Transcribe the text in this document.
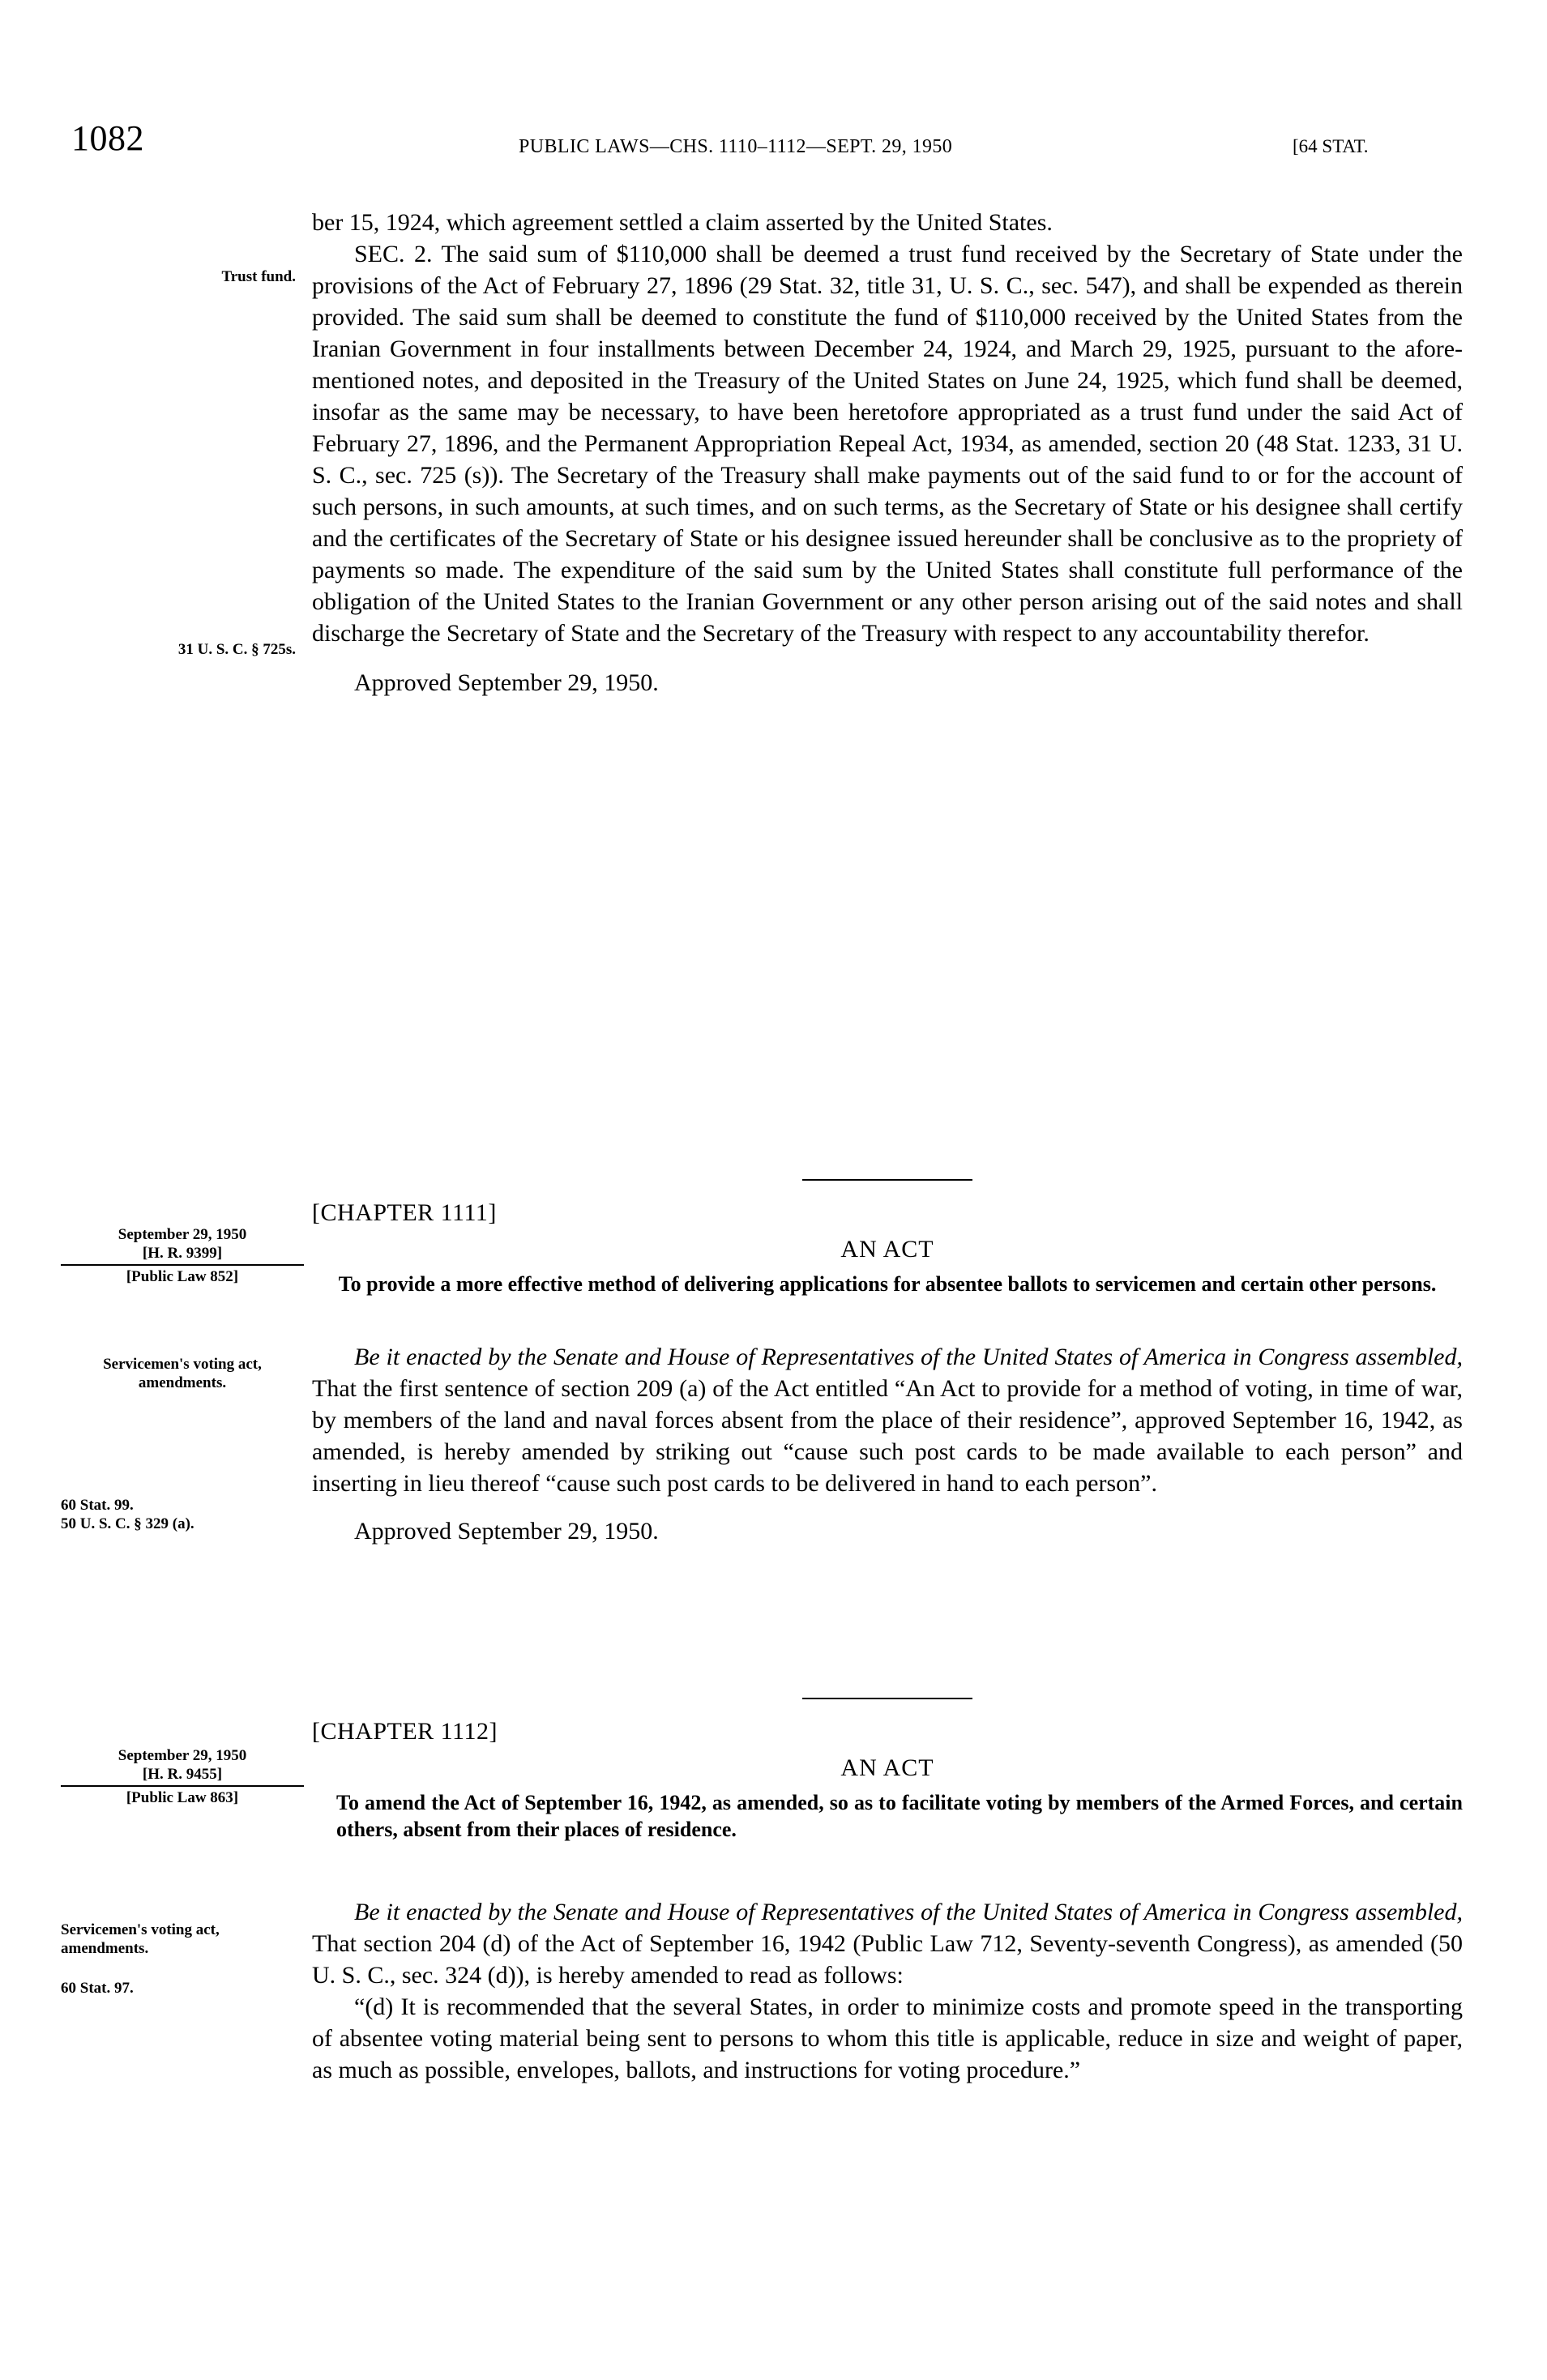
1082	PUBLIC LAWS—CHS. 1110–1112—SEPT. 29, 1950	[64 STAT.
Trust fund.
31 U. S. C. § 725s.

ber 15, 1924, which agreement settled a claim asserted by the United States.

SEC. 2. The said sum of $110,000 shall be deemed a trust fund received by the Secretary of State under the provisions of the Act of February 27, 1896 (29 Stat. 32, title 31, U. S. C., sec. 547), and shall be expended as therein provided. The said sum shall be deemed to constitute the fund of $110,000 received by the United States from the Iranian Government in four installments between December 24, 1924, and March 29, 1925, pursuant to the afore-mentioned notes, and deposited in the Treasury of the United States on June 24, 1925, which fund shall be deemed, insofar as the same may be necessary, to have been heretofore appropriated as a trust fund under the said Act of February 27, 1896, and the Permanent Appropriation Repeal Act, 1934, as amended, section 20 (48 Stat. 1233, 31 U. S. C., sec. 725 (s)). The Secretary of the Treasury shall make payments out of the said fund to or for the account of such persons, in such amounts, at such times, and on such terms, as the Secretary of State or his designee shall certify and the certificates of the Secretary of State or his designee issued hereunder shall be conclusive as to the propriety of payments so made. The expenditure of the said sum by the United States shall constitute full performance of the obligation of the United States to the Iranian Government or any other person arising out of the said notes and shall discharge the Secretary of State and the Secretary of the Treasury with respect to any accountability therefor.

Approved September 29, 1950.

[CHAPTER 1111]
AN ACT
September 29, 1950
[H. R. 9399]
[Public Law 852]	To provide a more effective method of delivering applications for absentee ballots to servicemen and certain other persons.
Servicemen's voting act, amendments.
60 Stat. 99.
50 U. S. C. § 329 (a).

Be it enacted by the Senate and House of Representatives of the United States of America in Congress assembled, That the first sentence of section 209 (a) of the Act entitled “An Act to provide for a method of voting, in time of war, by members of the land and naval forces absent from the place of their residence”, approved September 16, 1942, as amended, is hereby amended by striking out “cause such post cards to be made available to each person” and inserting in lieu thereof “cause such post cards to be delivered in hand to each person”.

Approved September 29, 1950.

[CHAPTER 1112]
AN ACT
September 29, 1950
[H. R. 9455]
[Public Law 863]	To amend the Act of September 16, 1942, as amended, so as to facilitate voting by members of the Armed Forces, and certain others, absent from their places of residence.
Servicemen's voting act, amendments.
60 Stat. 97.

Be it enacted by the Senate and House of Representatives of the United States of America in Congress assembled, That section 204 (d) of the Act of September 16, 1942 (Public Law 712, Seventy-seventh Congress), as amended (50 U. S. C., sec. 324 (d)), is hereby amended to read as follows:

“(d) It is recommended that the several States, in order to minimize costs and promote speed in the transporting of absentee voting material being sent to persons to whom this title is applicable, reduce in size and weight of paper, as much as possible, envelopes, ballots, and instructions for voting procedure.”
